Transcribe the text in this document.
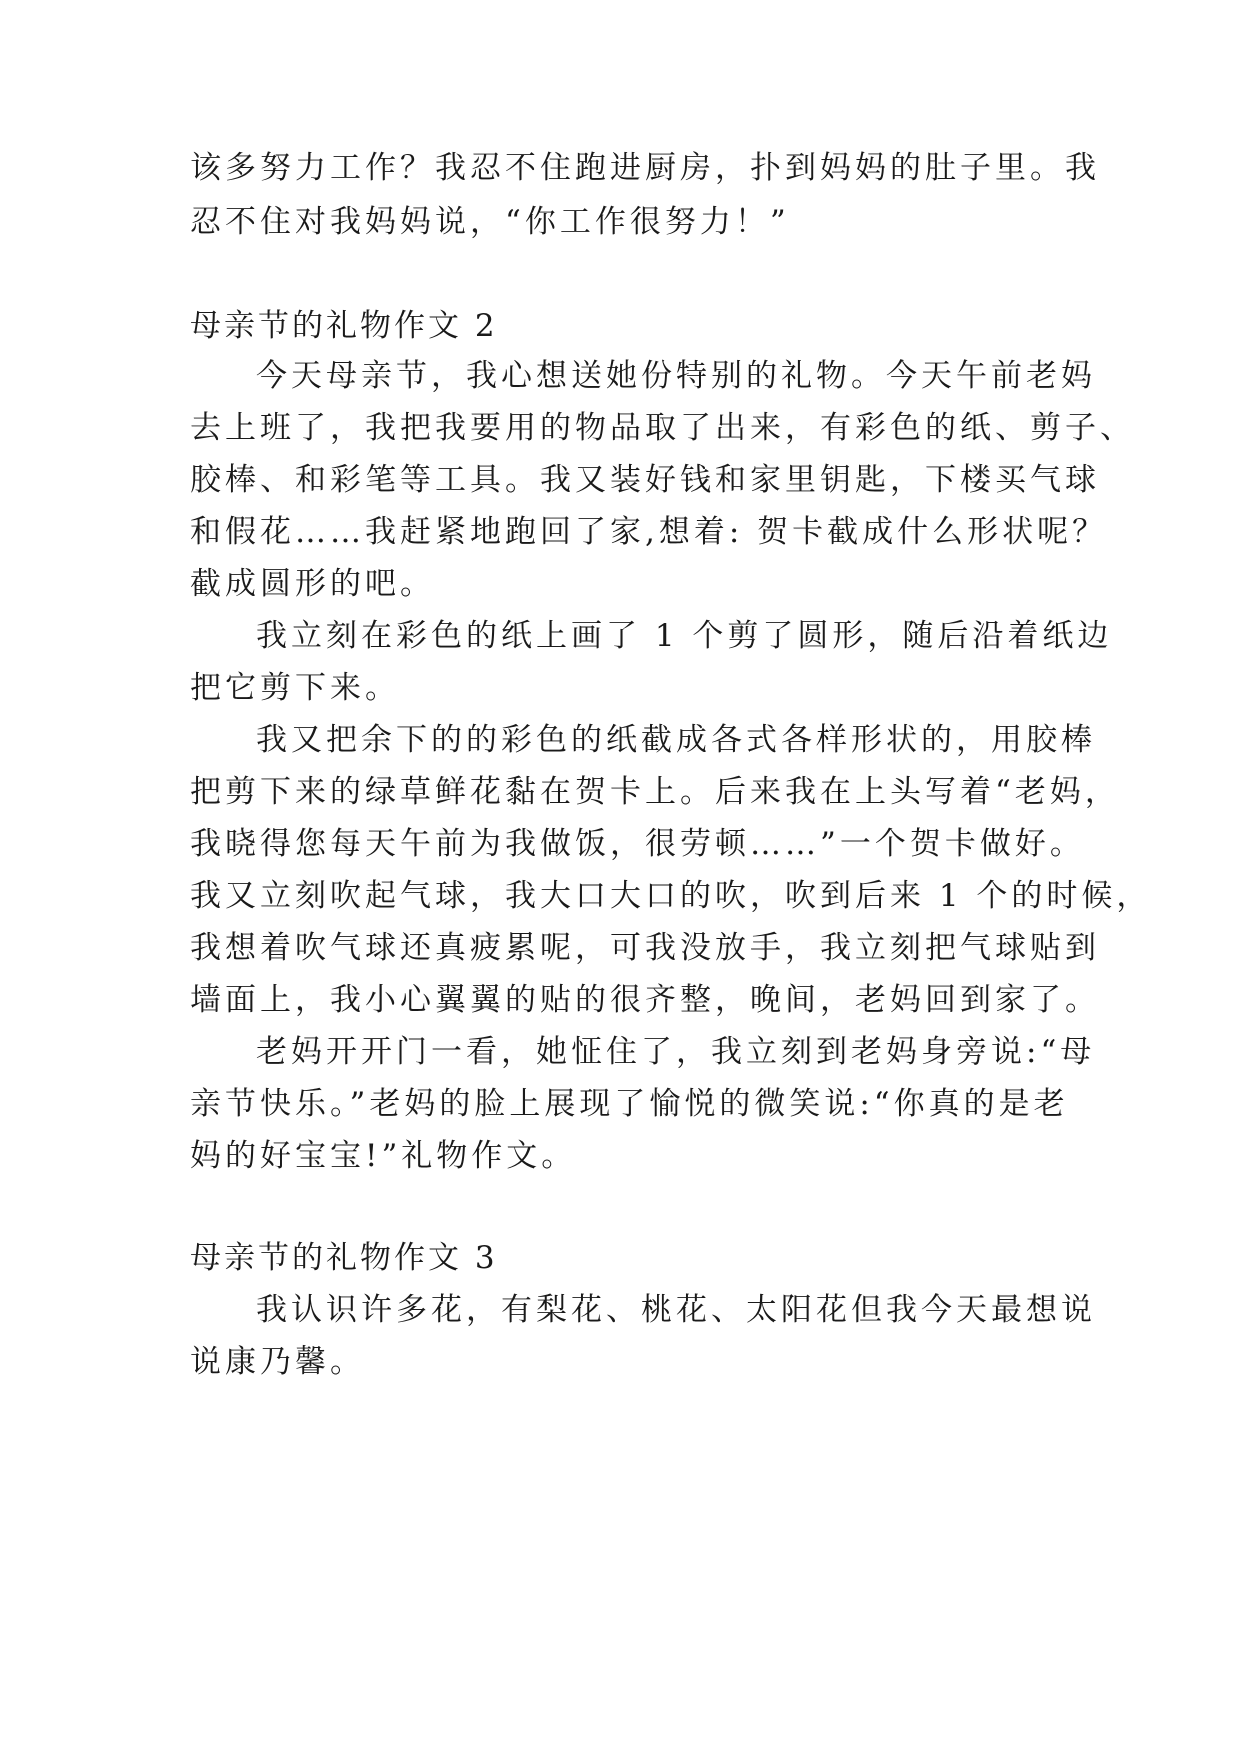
该多努力工作？我忍不住跑进厨房，扑到妈妈的肚子里。我
忍不住对我妈妈说，“你工作很努力！”
母亲节的礼物作文 2
今天母亲节，我心想送她份特别的礼物。今天午前老妈
去上班了，我把我要用的物品取了出来，有彩色的纸、剪子、
胶棒、和彩笔等工具。我又装好钱和家里钥匙，下楼买气球
和假花……我赶紧地跑回了家,想着: 贺卡截成什么形状呢？
截成圆形的吧。
我立刻在彩色的纸上画了 1 个剪了圆形，随后沿着纸边
把它剪下来。
我又把余下的的彩色的纸截成各式各样形状的，用胶棒
把剪下来的绿草鲜花黏在贺卡上。后来我在上头写着“老妈，
我晓得您每天午前为我做饭，很劳顿……”一个贺卡做好。
我又立刻吹起气球，我大口大口的吹，吹到后来 1 个的时候，
我想着吹气球还真疲累呢，可我没放手，我立刻把气球贴到
墙面上，我小心翼翼的贴的很齐整，晚间，老妈回到家了。
老妈开开门一看，她怔住了，我立刻到老妈身旁说:“母
亲节快乐。”老妈的脸上展现了愉悦的微笑说:“你真的是老
妈的好宝宝!”礼物作文。
母亲节的礼物作文 3
我认识许多花，有梨花、桃花、太阳花但我今天最想说
说康乃馨。
